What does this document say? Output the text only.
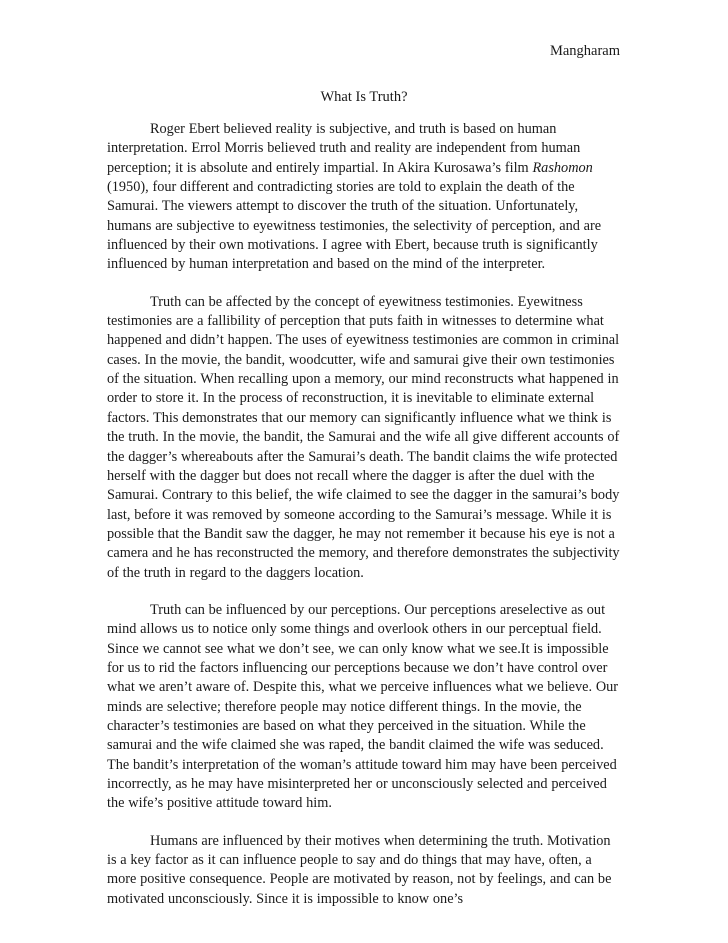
Mangharam
What Is Truth?

Roger Ebert believed reality is subjective, and truth is based on human interpretation. Errol Morris believed truth and reality are independent from human perception; it is absolute and entirely impartial. In Akira Kurosawa’s film Rashomon (1950), four different and contradicting stories are told to explain the death of the Samurai. The viewers attempt to discover the truth of the situation. Unfortunately, humans are subjective to eyewitness testimonies, the selectivity of perception, and are influenced by their own motivations. I agree with Ebert, because truth is significantly influenced by human interpretation and based on the mind of the interpreter.

Truth can be affected by the concept of eyewitness testimonies. Eyewitness testimonies are a fallibility of perception that puts faith in witnesses to determine what happened and didn’t happen. The uses of eyewitness testimonies are common in criminal cases. In the movie, the bandit, woodcutter, wife and samurai give their own testimonies of the situation. When recalling upon a memory, our mind reconstructs what happened in order to store it. In the process of reconstruction, it is inevitable to eliminate external factors. This demonstrates that our memory can significantly influence what we think is the truth. In the movie, the bandit, the Samurai and the wife all give different accounts of the dagger’s whereabouts after the Samurai’s death. The bandit claims the wife protected herself with the dagger but does not recall where the dagger is after the duel with the Samurai. Contrary to this belief, the wife claimed to see the dagger in the samurai’s body last, before it was removed by someone according to the Samurai’s message. While it is possible that the Bandit saw the dagger, he may not remember it because his eye is not a camera and he has reconstructed the memory, and therefore demonstrates the subjectivity of the truth in regard to the daggers location.

Truth can be influenced by our perceptions. Our perceptions areselective as out mind allows us to notice only some things and overlook others in our perceptual field. Since we cannot see what we don’t see, we can only know what we see.It is impossible for us to rid the factors influencing our perceptions because we don’t have control over what we aren’t aware of. Despite this, what we perceive influences what we believe. Our minds are selective; therefore people may notice different things. In the movie, the character’s testimonies are based on what they perceived in the situation. While the samurai and the wife claimed she was raped, the bandit claimed the wife was seduced. The bandit’s interpretation of the woman’s attitude toward him may have been perceived incorrectly, as he may have misinterpreted her or unconsciously selected and perceived the wife’s positive attitude toward him.

Humans are influenced by their motives when determining the truth. Motivation is a key factor as it can influence people to say and do things that may have, often, a more positive consequence. People are motivated by reason, not by feelings, and can be motivated unconsciously. Since it is impossible to know one’s
